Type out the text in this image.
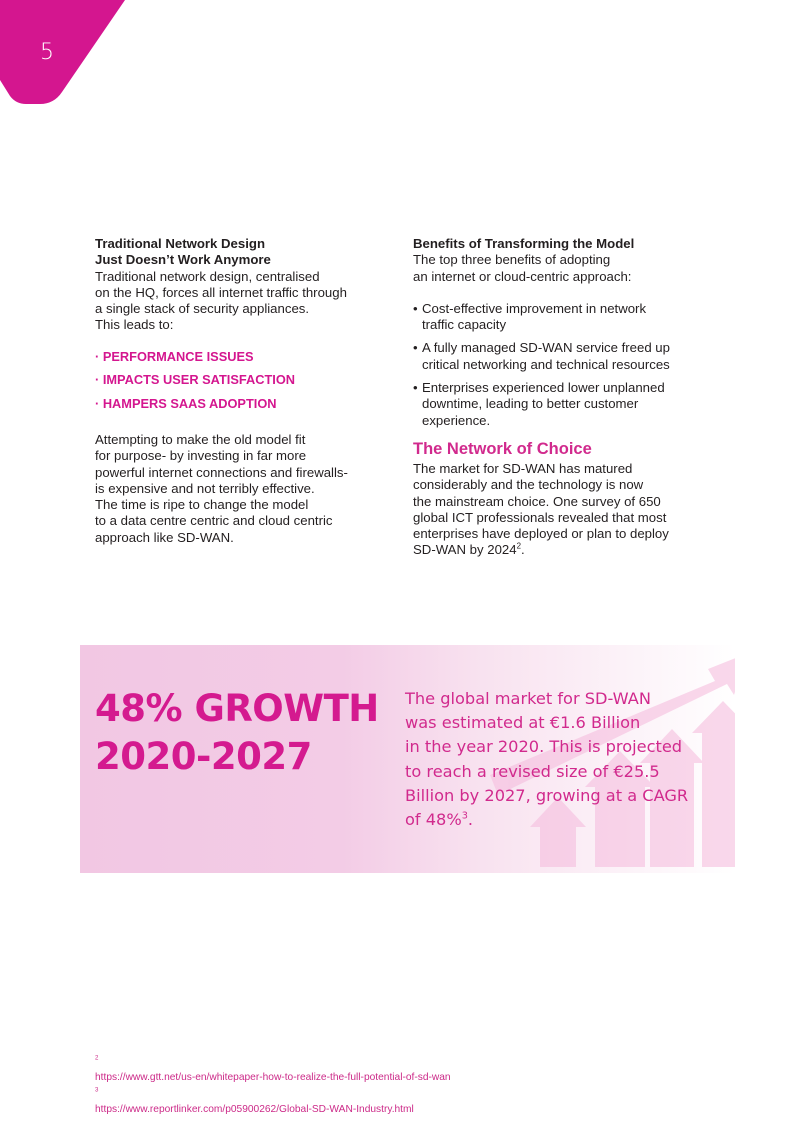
5
Traditional Network Design
Just Doesn’t Work Anymore
Traditional network design, centralised
on the HQ, forces all internet traffic through
a single stack of security appliances.
This leads to:
· PERFORMANCE ISSUES
· IMPACTS USER SATISFACTION
· HAMPERS SAAS ADOPTION
Attempting to make the old model fit
for purpose- by investing in far more
powerful internet connections and firewalls-
is expensive and not terribly effective.
The time is ripe to change the model
to a data centre centric and cloud centric
approach like SD-WAN.
Benefits of Transforming the Model
The top three benefits of adopting
an internet or cloud-centric approach:
• Cost-effective improvement in network
traffic capacity
• A fully managed SD-WAN service freed up
critical networking and technical resources
• Enterprises experienced lower unplanned
downtime, leading to better customer
experience.
The Network of Choice
The market for SD-WAN has matured
considerably and the technology is now
the mainstream choice. One survey of 650
global ICT professionals revealed that most
enterprises have deployed or plan to deploy
SD-WAN by 2024$^2$.
48% GROWTH
2020-2027
The global market for SD-WAN
was estimated at €1.6 Billion
in the year 2020. This is projected
to reach a revised size of €25.5
Billion by 2027, growing at a CAGR
of 48%$^3$.
$^2$
https://www.gtt.net/us-en/whitepaper-how-to-realize-the-full-potential-of-sd-wan
$^3$
https://www.reportlinker.com/p05900262/Global-SD-WAN-Industry.html
